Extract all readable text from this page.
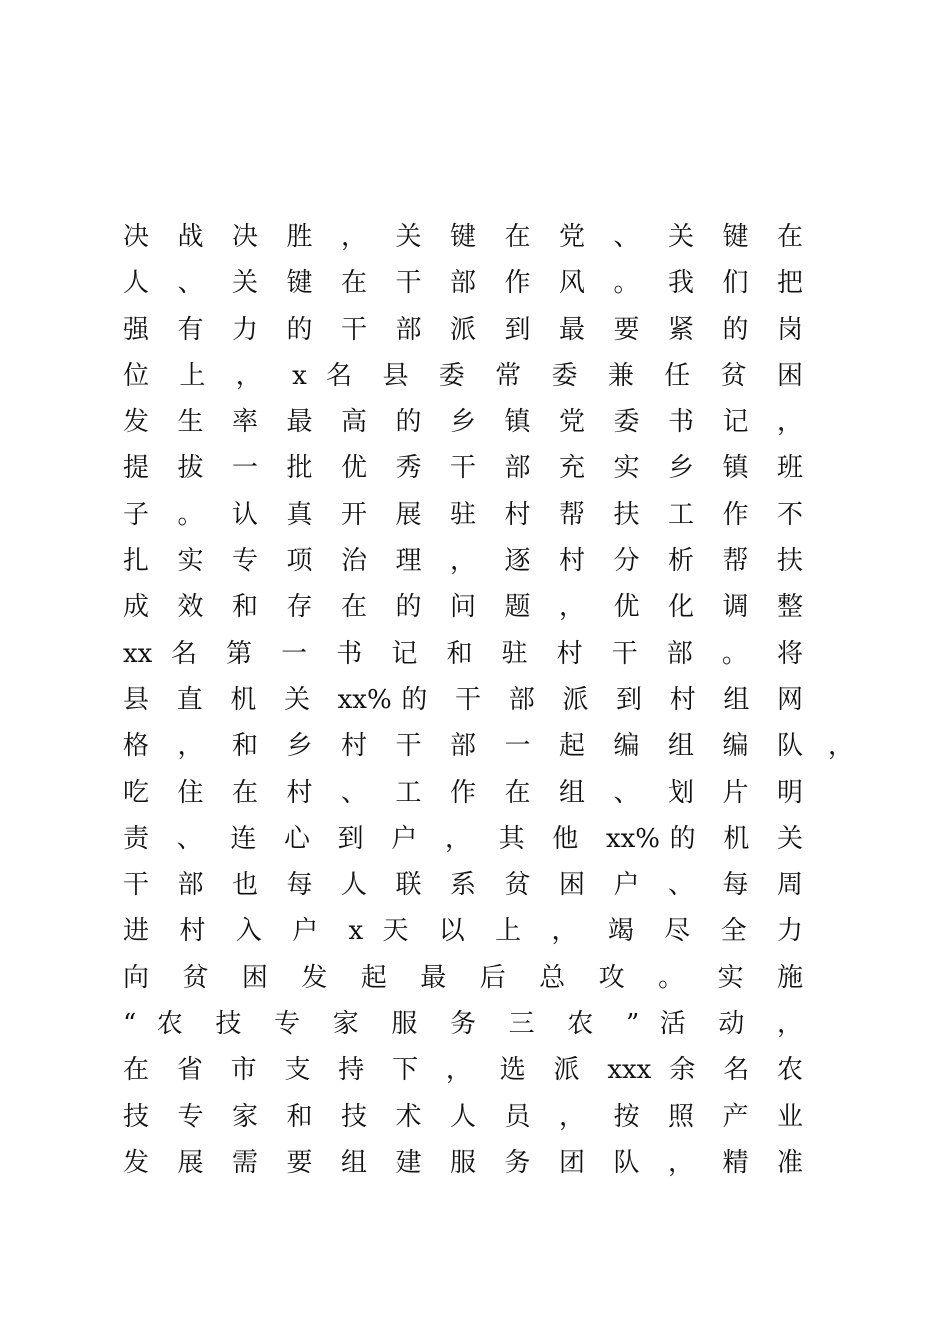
决 战 决 胜 ， 关 键 在 党 、 关 键 在
人 、 关 键 在 干 部 作 风 。 我 们 把
强 有 力 的 干 部 派 到 最 要 紧 的 岗
位 上 ， x 名 县 委 常 委 兼 任 贫 困
发 生 率 最 高 的 乡 镇 党 委 书 记 ，
提 拔 一 批 优 秀 干 部 充 实 乡 镇 班
子 。 认 真 开 展 驻 村 帮 扶 工 作 不
扎 实 专 项 治 理 ， 逐 村 分 析 帮 扶
成 效 和 存 在 的 问 题 ， 优 化 调 整
xx 名 第 一 书 记 和 驻 村 干 部 。 将
县 直 机 关 xx%的 干 部 派 到 村 组 网
格 ， 和 乡 村 干 部 一 起 编 组 编 队 ，
吃 住 在 村 、 工 作 在 组 、 划 片 明
责 、 连 心 到 户 ， 其 他 xx%的 机 关
干 部 也 每 人 联 系 贫 困 户 、 每 周
进 村 入 户 x 天 以 上 ， 竭 尽 全 力
向 贫 困 发 起 最 后 总 攻 。 实 施
“ 农 技 专 家 服 务 三 农 ” 活 动 ，
在 省 市 支 持 下 ， 选 派 xxx 余 名 农
技 专 家 和 技 术 人 员 ， 按 照 产 业
发 展 需 要 组 建 服 务 团 队 ， 精 准
